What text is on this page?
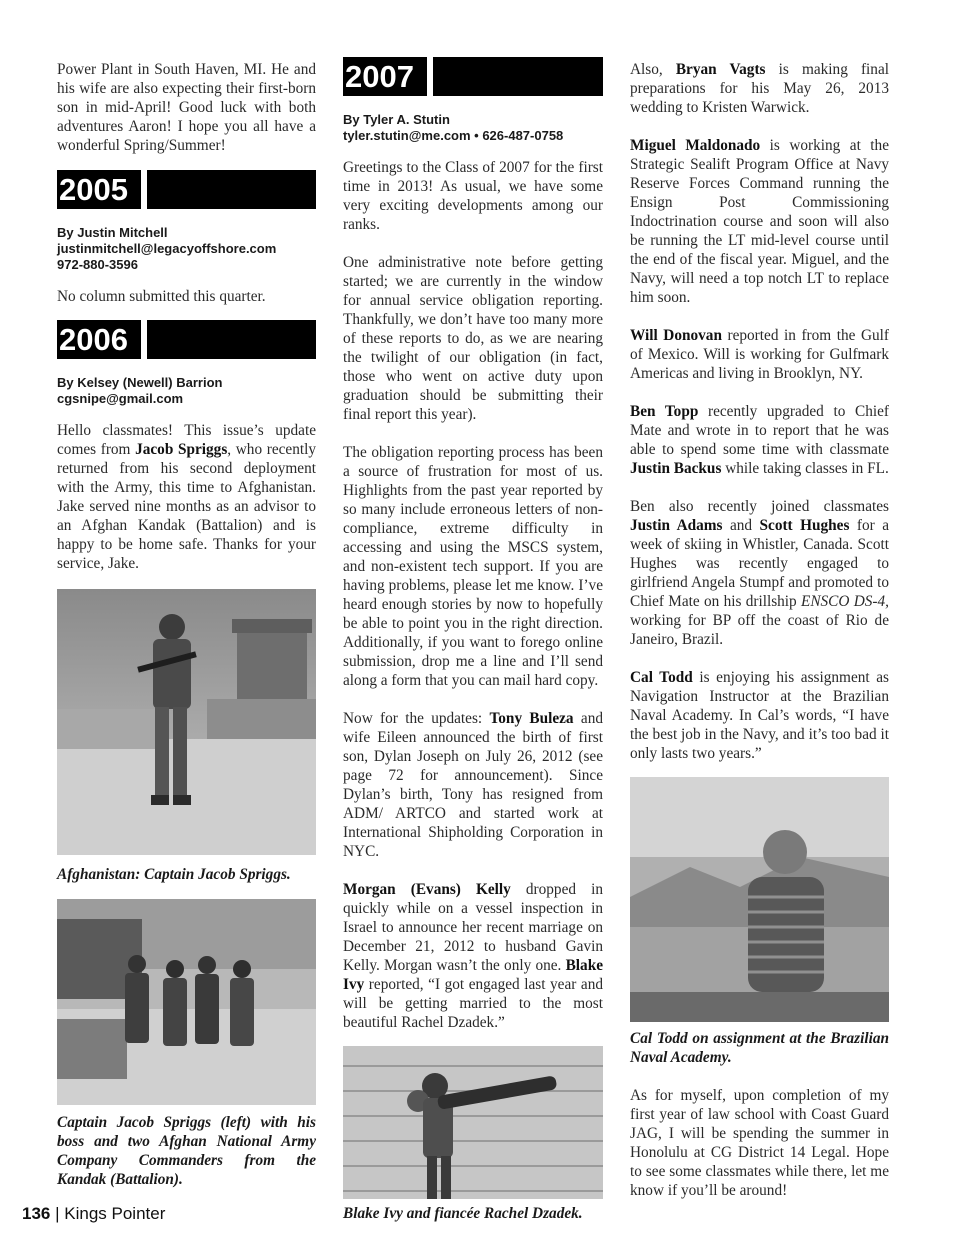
Power Plant in South Haven, MI. He and his wife are also expecting their first-born son in mid-April! Good luck with both adventures Aaron! I hope you all have a wonderful Spring/Summer!

2005
By Justin Mitchell
justinmitchell@legacyoffshore.com
972-880-3596

No column submitted this quarter.

2006
By Kelsey (Newell) Barrion
cgsnipe@gmail.com

Hello classmates! This issue’s update comes from Jacob Spriggs, who recently returned from his second deployment with the Army, this time to Afghanistan. Jake served nine months as an advisor to an Afghan Kandak (Battalion) and is happy to be home safe. Thanks for your service, Jake.

Afghanistan: Captain Jacob Spriggs.
Captain Jacob Spriggs (left) with his boss and two Afghan National Army Company Commanders from the Kandak (Battalion).
2007
By Tyler A. Stutin
tyler.stutin@me.com • 626-487-0758

Greetings to the Class of 2007 for the first time in 2013! As usual, we have some very exciting developments among our ranks.

One administrative note before getting started; we are currently in the window for annual service obligation reporting. Thankfully, we don’t have too many more of these reports to do, as we are nearing the twilight of our obligation (in fact, those who went on active duty upon graduation should be submitting their final report this year).

The obligation reporting process has been a source of frustration for most of us. Highlights from the past year reported by so many include erroneous letters of non-compliance, extreme difficulty in accessing and using the MSCS system, and non-existent tech support. If you are having problems, please let me know. I’ve heard enough stories by now to hopefully be able to point you in the right direction. Additionally, if you want to forego online submission, drop me a line and I’ll send along a form that you can mail hard copy.

Now for the updates: Tony Buleza and wife Eileen announced the birth of first son, Dylan Joseph on July 26, 2012 (see page 72 for announcement). Since Dylan’s birth, Tony has resigned from ADM/ ARTCO and started work at International Shipholding Corporation in NYC.

Morgan (Evans) Kelly dropped in quickly while on a vessel inspection in Israel to announce her recent marriage on December 21, 2012 to husband Gavin Kelly. Morgan wasn’t the only one. Blake Ivy reported, “I got engaged last year and will be getting married to the most beautiful Rachel Dzadek.”

Blake Ivy and fiancée Rachel Dzadek.

Also, Bryan Vagts is making final preparations for his May 26, 2013 wedding to Kristen Warwick.

Miguel Maldonado is working at the Strategic Sealift Program Office at Navy Reserve Forces Command running the Ensign Post Commissioning Indoctrination course and soon will also be running the LT mid-level course until the end of the fiscal year. Miguel, and the Navy, will need a top notch LT to replace him soon.

Will Donovan reported in from the Gulf of Mexico. Will is working for Gulfmark Americas and living in Brooklyn, NY.

Ben Topp recently upgraded to Chief Mate and wrote in to report that he was able to spend some time with classmate Justin Backus while taking classes in FL.

Ben also recently joined classmates Justin Adams and Scott Hughes for a week of skiing in Whistler, Canada. Scott Hughes was recently engaged to girlfriend Angela Stumpf and promoted to Chief Mate on his drillship ENSCO DS-4, working for BP off the coast of Rio de Janeiro, Brazil.

Cal Todd is enjoying his assignment as Navigation Instructor at the Brazilian Naval Academy. In Cal’s words, “I have the best job in the Navy, and it’s too bad it only lasts two years.”

Cal Todd on assignment at the Brazilian Naval Academy.

As for myself, upon completion of my first year of law school with Coast Guard JAG, I will be spending the summer in Honolulu at CG District 14 Legal. Hope to see some classmates while there, let me know if you’ll be around!

136 | Kings Pointer
